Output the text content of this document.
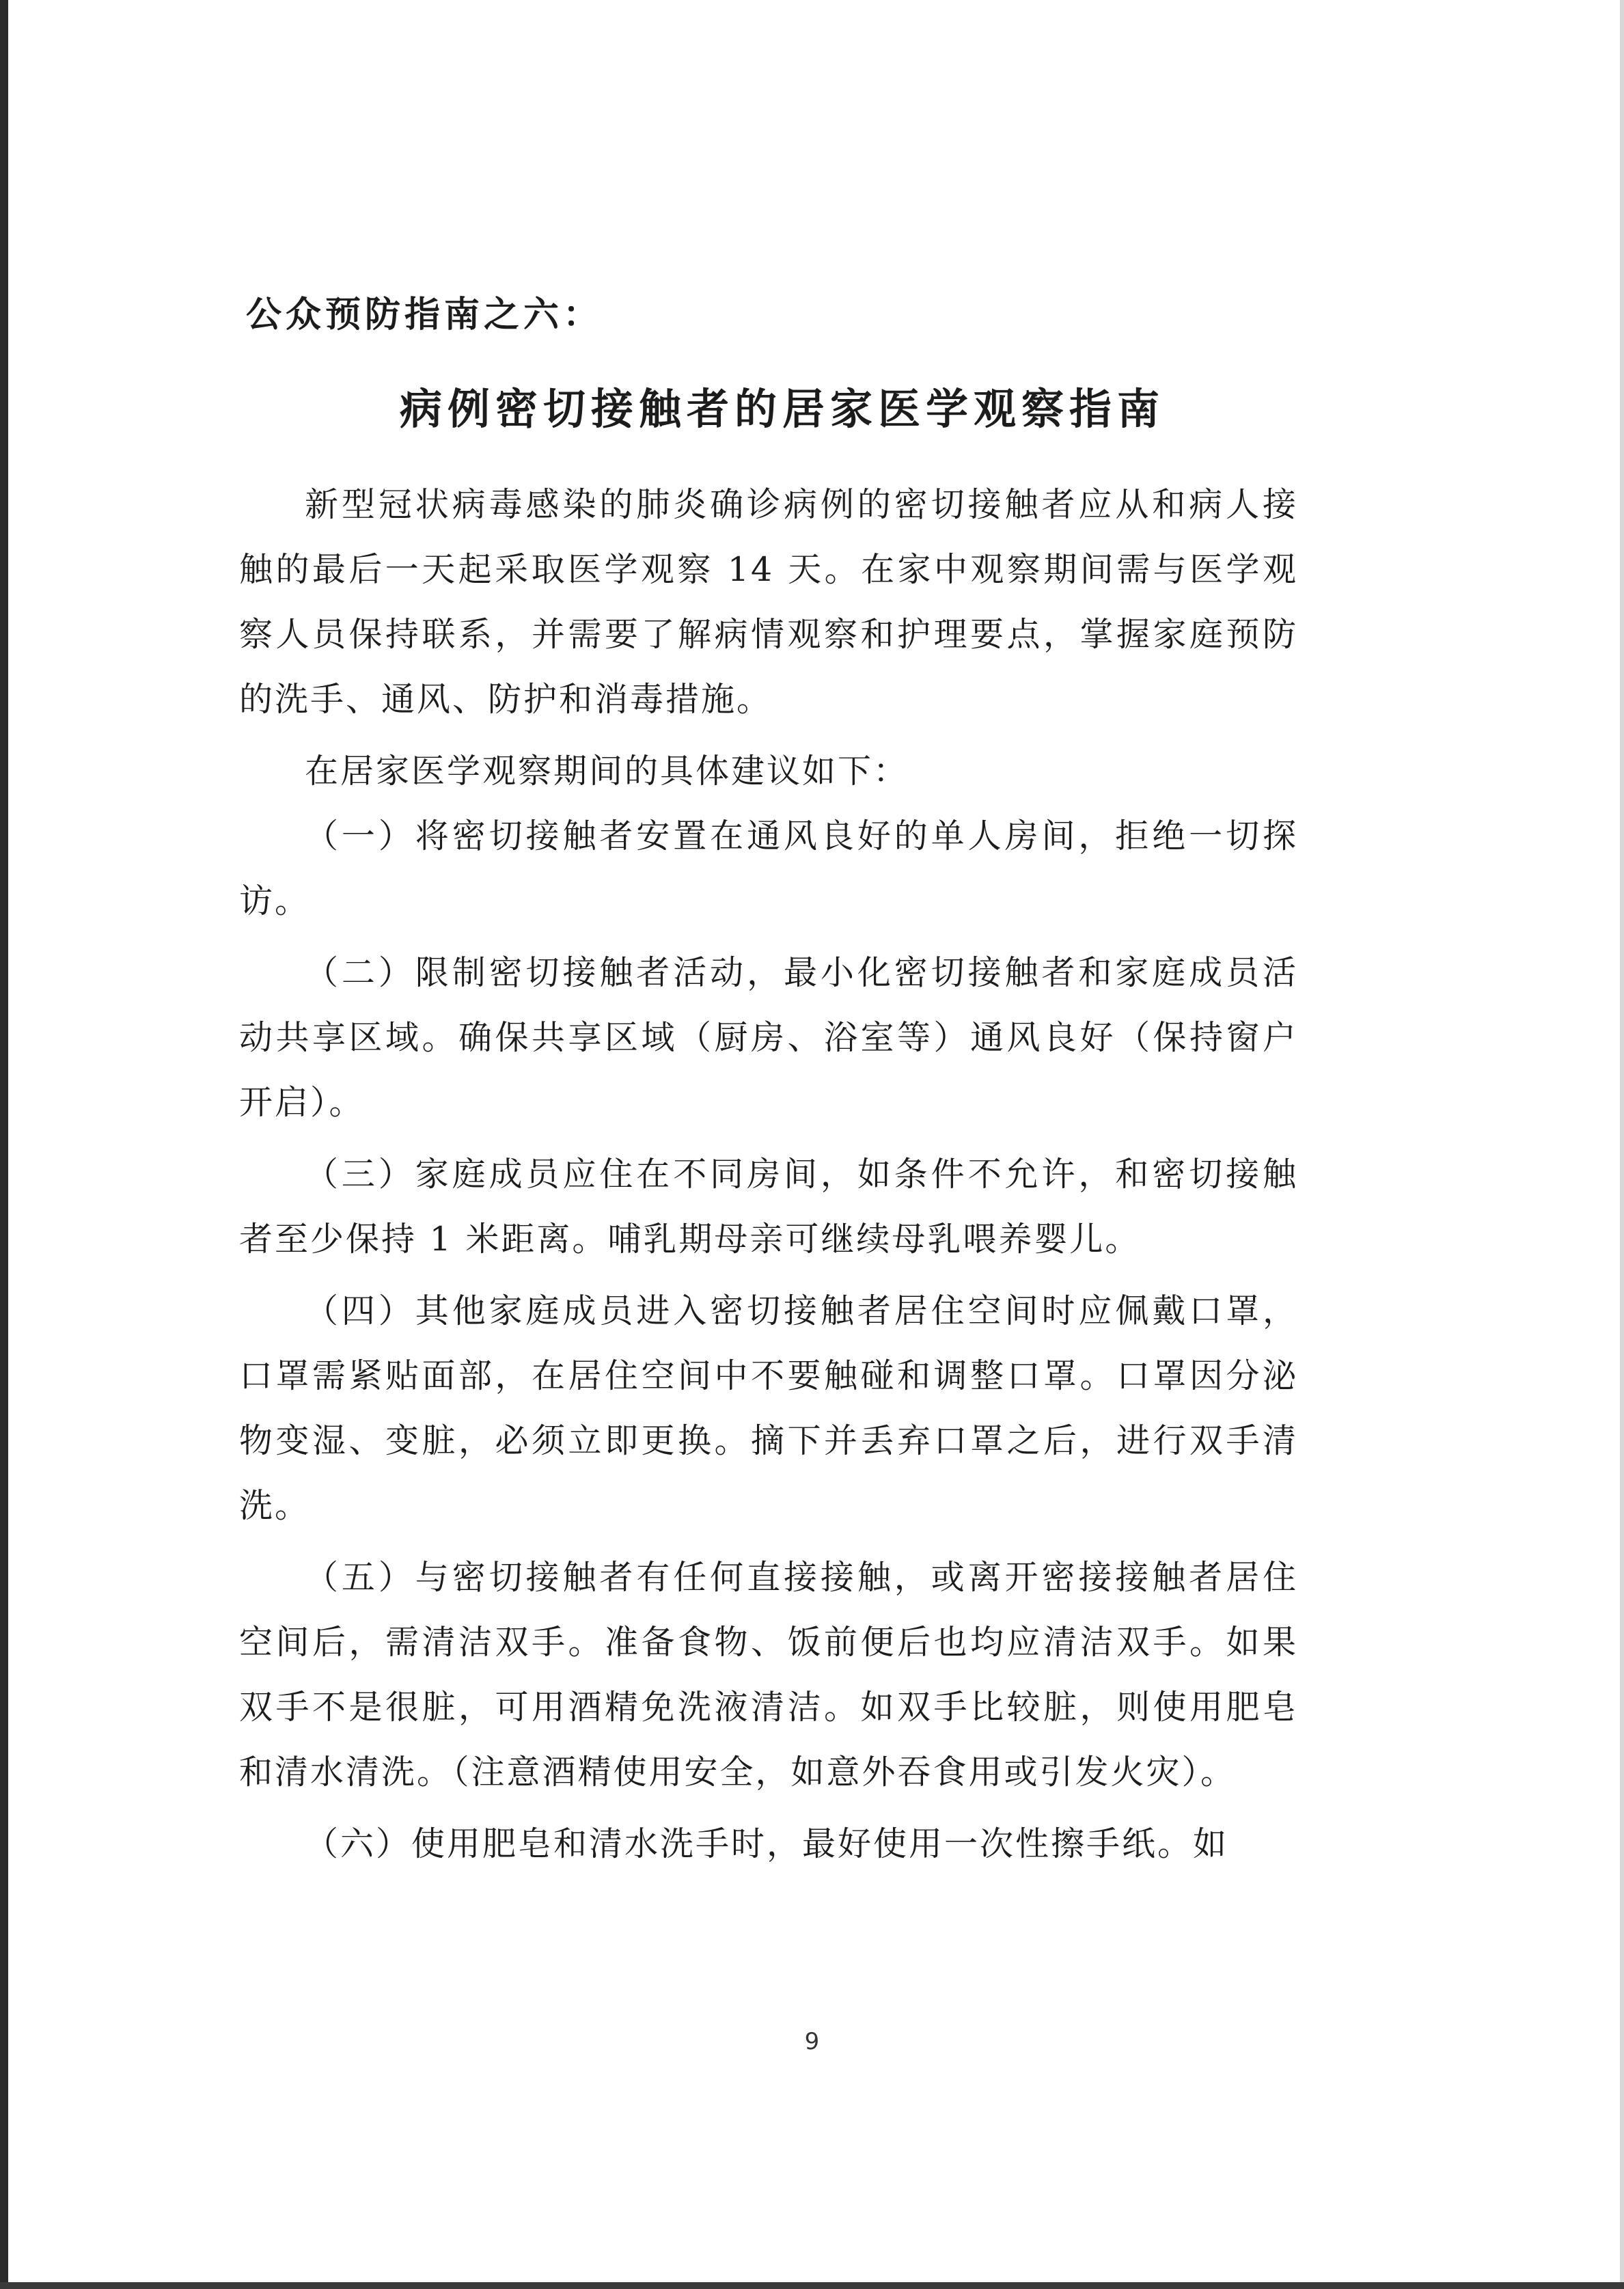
公众预防指南之六：
病例密切接触者的居家医学观察指南

新型冠状病毒感染的肺炎确诊病例的密切接触者应从和病人接触的最后一天起采取医学观察 14 天。在家中观察期间需与医学观察人员保持联系，并需要了解病情观察和护理要点，掌握家庭预防的洗手、通风、防护和消毒措施。

在居家医学观察期间的具体建议如下：

（一）将密切接触者安置在通风良好的单人房间，拒绝一切探访。

（二）限制密切接触者活动，最小化密切接触者和家庭成员活动共享区域。确保共享区域（厨房、浴室等）通风良好（保持窗户开启）。

（三）家庭成员应住在不同房间，如条件不允许，和密切接触者至少保持 1 米距离。哺乳期母亲可继续母乳喂养婴儿。

（四）其他家庭成员进入密切接触者居住空间时应佩戴口罩，口罩需紧贴面部，在居住空间中不要触碰和调整口罩。口罩因分泌物变湿、变脏，必须立即更换。摘下并丢弃口罩之后，进行双手清洗。

（五）与密切接触者有任何直接接触，或离开密接接触者居住空间后，需清洁双手。准备食物、饭前便后也均应清洁双手。如果双手不是很脏，可用酒精免洗液清洁。如双手比较脏，则使用肥皂和清水清洗。（注意酒精使用安全，如意外吞食用或引发火灾）。

（六）使用肥皂和清水洗手时，最好使用一次性擦手纸。如

9
